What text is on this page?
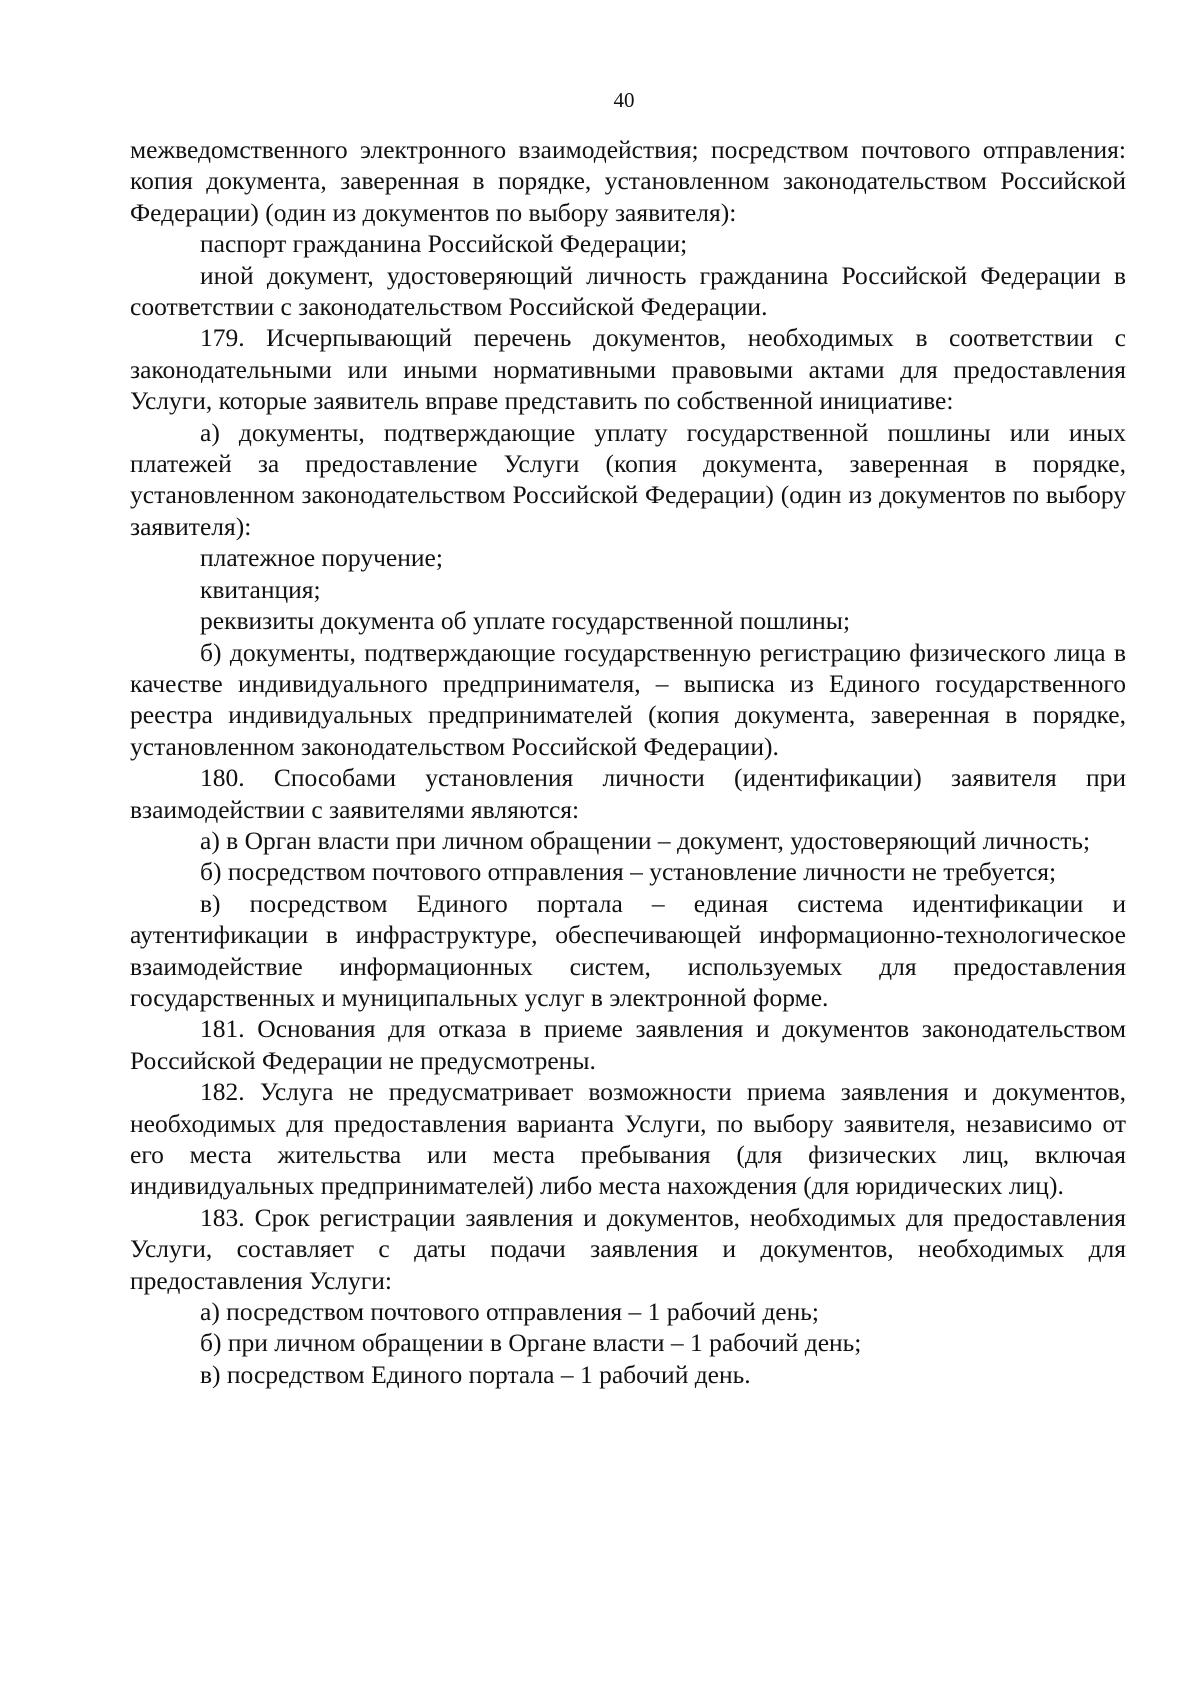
40

межведомственного электронного взаимодействия; посредством почтового отправления: копия документа, заверенная в порядке, установленном законодательством Российской Федерации) (один из документов по выбору заявителя):

паспорт гражданина Российской Федерации;

иной документ, удостоверяющий личность гражданина Российской Федерации в соответствии с законодательством Российской Федерации.

179. Исчерпывающий перечень документов, необходимых в соответствии с законодательными или иными нормативными правовыми актами для предоставления Услуги, которые заявитель вправе представить по собственной инициативе:

а) документы, подтверждающие уплату государственной пошлины или иных платежей за предоставление Услуги (копия документа, заверенная в порядке, установленном законодательством Российской Федерации) (один из документов по выбору заявителя):

платежное поручение;

квитанция;

реквизиты документа об уплате государственной пошлины;

б) документы, подтверждающие государственную регистрацию физического лица в качестве индивидуального предпринимателя, – выписка из Единого государственного реестра индивидуальных предпринимателей (копия документа, заверенная в порядке, установленном законодательством Российской Федерации).

180. Способами установления личности (идентификации) заявителя при взаимодействии с заявителями являются:

а) в Орган власти при личном обращении – документ, удостоверяющий личность;

б) посредством почтового отправления – установление личности не требуется;

в) посредством Единого портала – единая система идентификации и аутентификации в инфраструктуре, обеспечивающей информационно-технологическое взаимодействие информационных систем, используемых для предоставления государственных и муниципальных услуг в электронной форме.

181. Основания для отказа в приеме заявления и документов законодательством Российской Федерации не предусмотрены.

182. Услуга не предусматривает возможности приема заявления и документов, необходимых для предоставления варианта Услуги, по выбору заявителя, независимо от его места жительства или места пребывания (для физических лиц, включая индивидуальных предпринимателей) либо места нахождения (для юридических лиц).

183. Срок регистрации заявления и документов, необходимых для предоставления Услуги, составляет с даты подачи заявления и документов, необходимых для предоставления Услуги:

а) посредством почтового отправления – 1 рабочий день;

б) при личном обращении в Органе власти – 1 рабочий день;

в) посредством Единого портала – 1 рабочий день.
